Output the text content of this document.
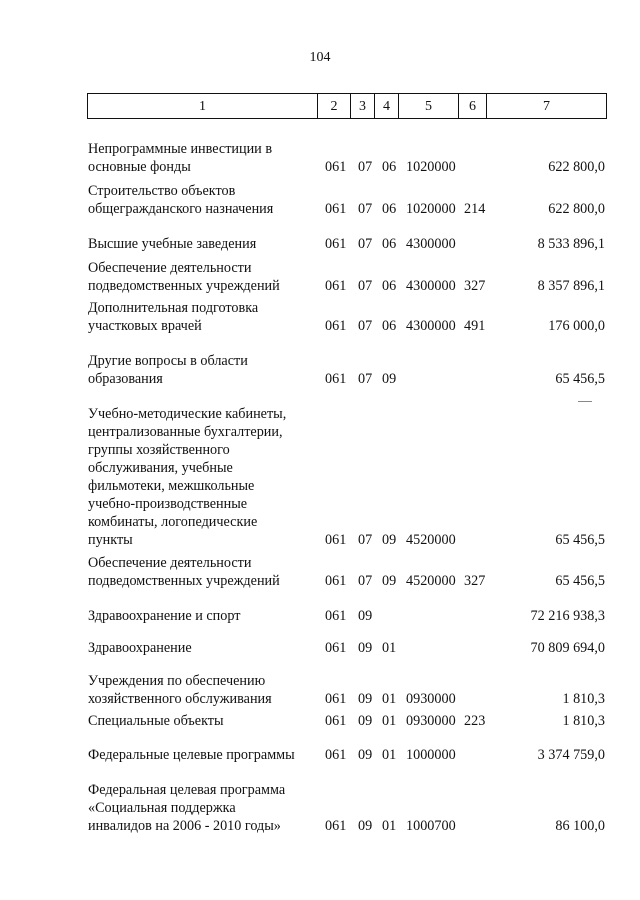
104
1	2	3	4	5	6	7
Непрограммные инвестиции в
основные фонды	061 07 06 1020000	622 800,0
Строительство объектов
общегражданского назначения	061 07 06 1020000 214	622 800,0
Высшие учебные заведения	061 07 06 4300000	8 533 896,1
Обеспечение деятельности
подведомственных учреждений	061 07 06 4300000 327	8 357 896,1
Дополнительная подготовка
участковых врачей	061 07 06 4300000 491	176 000,0
Другие вопросы в области
образования	061 07 09	65 456,5
Учебно-методические кабинеты,
централизованные бухгалтерии,
группы хозяйственного
обслуживания, учебные
фильмотеки, межшкольные
учебно-производственные
комбинаты, логопедические
пункты	061 07 09 4520000	65 456,5
Обеспечение деятельности
подведомственных учреждений	061 07 09 4520000 327	65 456,5
Здравоохранение и спорт	061 09	72 216 938,3
Здравоохранение	061 09 01	70 809 694,0
Учреждения по обеспечению
хозяйственного обслуживания	061 09 01 0930000	1 810,3
Специальные объекты	061 09 01 0930000 223	1 810,3
Федеральные целевые программы	061 09 01 1000000	3 374 759,0
Федеральная целевая программа
«Социальная поддержка
инвалидов на 2006 - 2010 годы»	061 09 01 1000700	86 100,0
